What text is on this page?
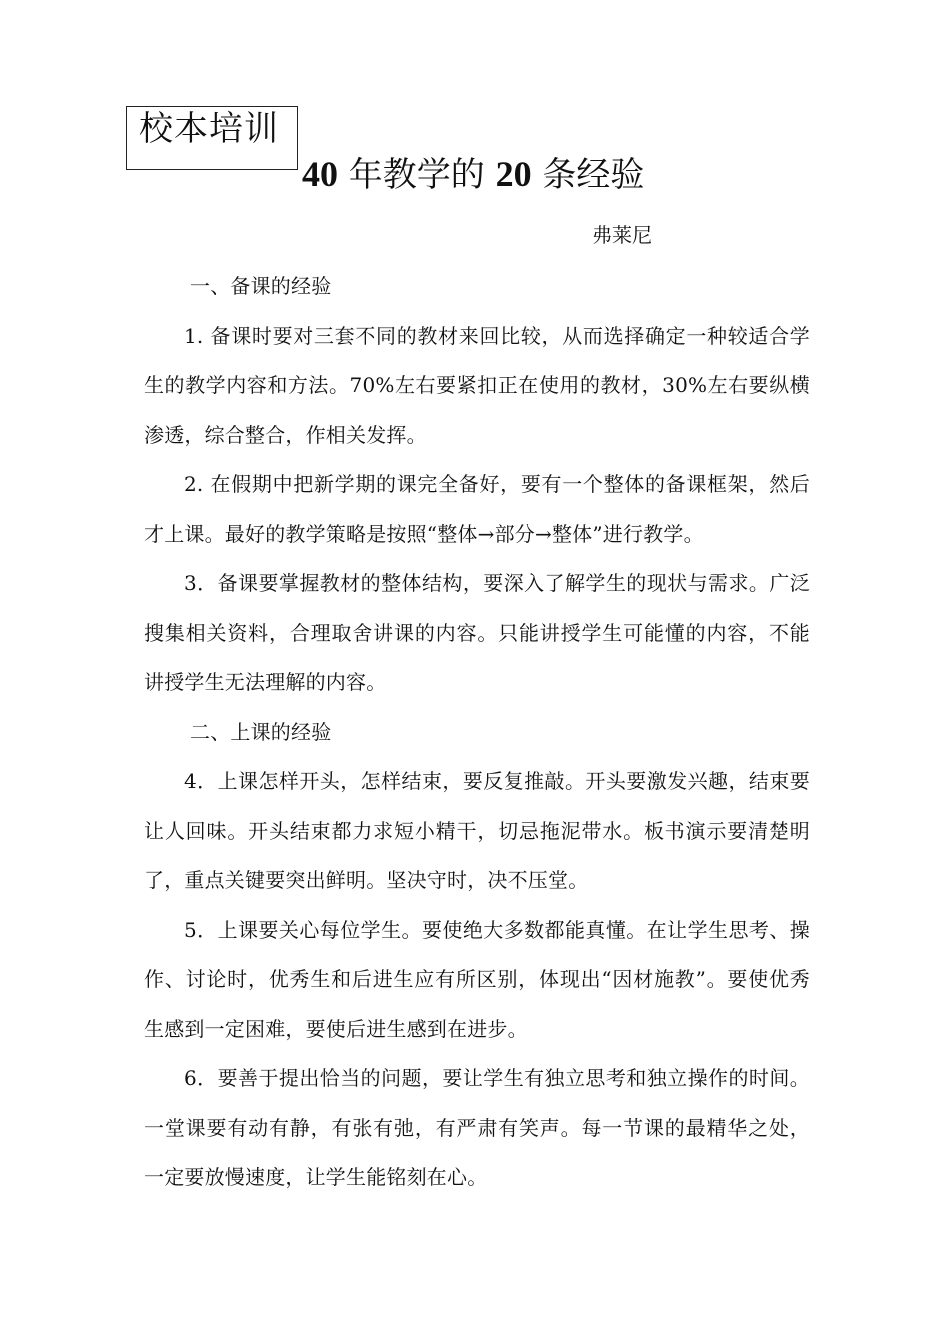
校本培训
40 年教学的 20 条经验
弗莱尼

一、备课的经验

1. 备课时要对三套不同的教材来回比较，从而选择确定一种较适合学生的教学内容和方法。70%左右要紧扣正在使用的教材，30%左右要纵横渗透，综合整合，作相关发挥。

2. 在假期中把新学期的课完全备好，要有一个整体的备课框架，然后才上课。最好的教学策略是按照“整体→部分→整体”进行教学。

3．备课要掌握教材的整体结构，要深入了解学生的现状与需求。广泛搜集相关资料，合理取舍讲课的内容。只能讲授学生可能懂的内容，不能讲授学生无法理解的内容。

二、上课的经验

4．上课怎样开头，怎样结束，要反复推敲。开头要激发兴趣，结束要让人回味。开头结束都力求短小精干，切忌拖泥带水。板书演示要清楚明了，重点关键要突出鲜明。坚决守时，决不压堂。

5．上课要关心每位学生。要使绝大多数都能真懂。在让学生思考、操作、讨论时，优秀生和后进生应有所区别，体现出“因材施教”。要使优秀生感到一定困难，要使后进生感到在进步。

6．要善于提出恰当的问题，要让学生有独立思考和独立操作的时间。一堂课要有动有静，有张有弛，有严肃有笑声。每一节课的最精华之处，一定要放慢速度，让学生能铭刻在心。
